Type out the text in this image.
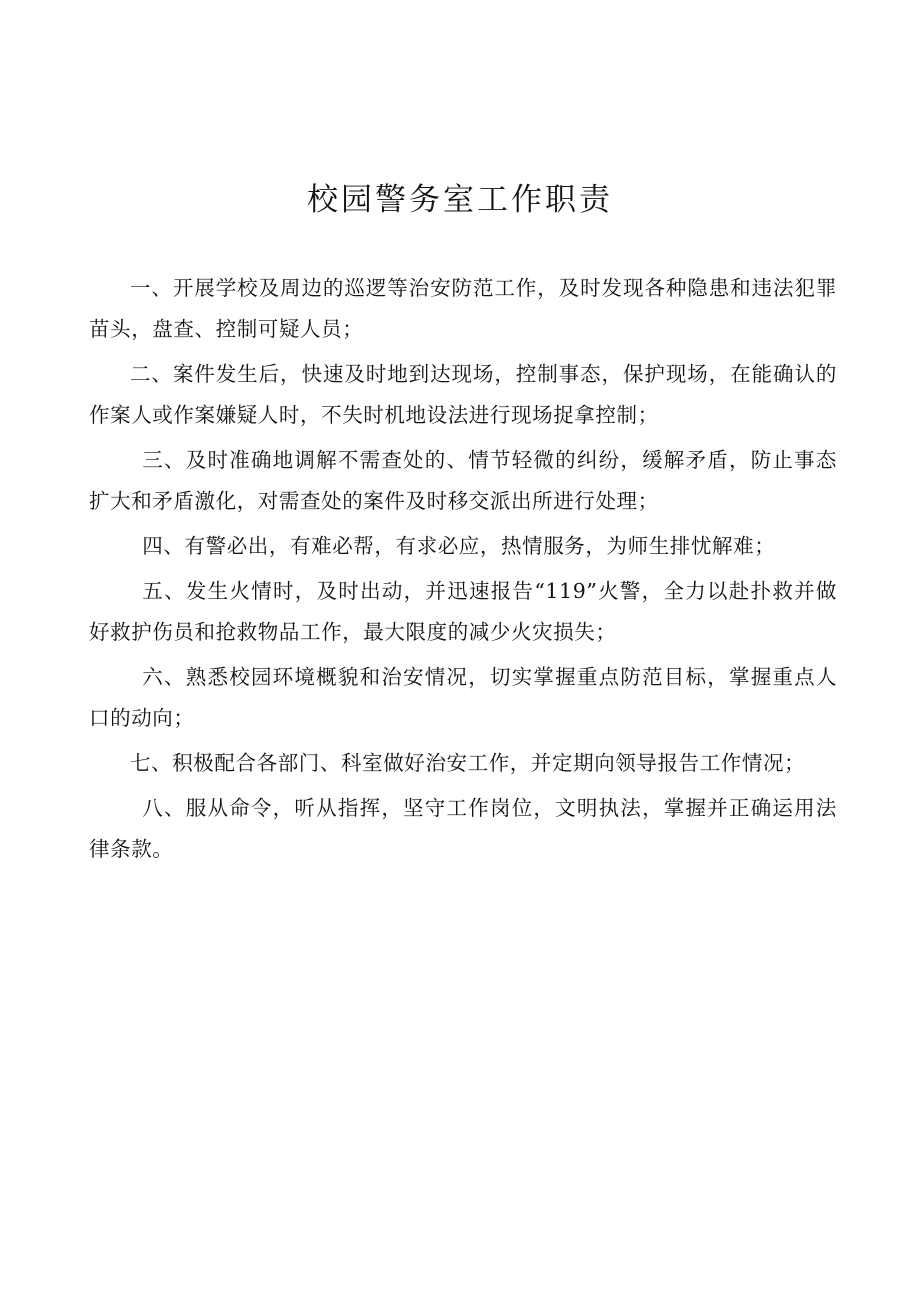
校园警务室工作职责

一、开展学校及周边的巡逻等治安防范工作，及时发现各种隐患和违法犯罪苗头，盘查、控制可疑人员；

二、案件发生后，快速及时地到达现场，控制事态，保护现场，在能确认的作案人或作案嫌疑人时，不失时机地设法进行现场捉拿控制；

三、及时准确地调解不需查处的、情节轻微的纠纷，缓解矛盾，防止事态扩大和矛盾激化，对需查处的案件及时移交派出所进行处理；

四、有警必出，有难必帮，有求必应，热情服务，为师生排忧解难；

五、发生火情时，及时出动，并迅速报告“119”火警，全力以赴扑救并做好救护伤员和抢救物品工作，最大限度的减少火灾损失；

六、熟悉校园环境概貌和治安情况，切实掌握重点防范目标，掌握重点人口的动向；

七、积极配合各部门、科室做好治安工作，并定期向领导报告工作情况；

八、服从命令，听从指挥，坚守工作岗位，文明执法，掌握并正确运用法律条款。
